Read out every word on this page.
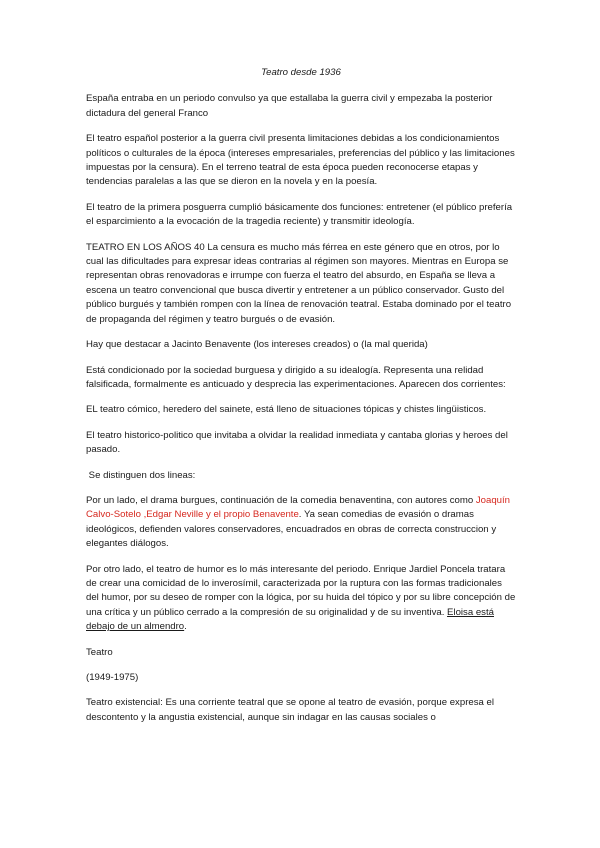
Teatro desde 1936

España entraba en un periodo convulso ya que estallaba la guerra civil y empezaba la posterior dictadura del general Franco

El teatro español posterior a la guerra civil presenta limitaciones debidas a los condicionamientos políticos o culturales de la época (intereses empresariales, preferencias del público y las limitaciones impuestas por la censura). En el terreno teatral de esta época pueden reconocerse etapas y tendencias paralelas a las que se dieron en la novela y en la poesía.

El teatro de la primera posguerra cumplió básicamente dos funciones: entretener (el público prefería el esparcimiento a la evocación de la tragedia reciente) y transmitir ideología.

TEATRO EN LOS AÑOS 40 La censura es mucho más férrea en este género que en otros, por lo cual las dificultades para expresar ideas contrarias al régimen son mayores. Mientras en Europa se representan obras renovadoras e irrumpe con fuerza el teatro del absurdo, en España se lleva a escena un teatro convencional que busca divertir y entretener a un público conservador. Gusto del público burgués y también rompen con la línea de renovación teatral. Estaba dominado por el teatro de propaganda del régimen y teatro burgués o de evasión.

Hay que destacar a Jacinto Benavente (los intereses creados) o (la mal querida)

Está condicionado por la sociedad burguesa y dirigido a su idealogía. Representa una relidad falsificada, formalmente es anticuado y desprecia las experimentaciones. Aparecen dos corrientes:

EL teatro cómico, heredero del sainete, está lleno de situaciones tópicas y chistes lingüisticos.

El teatro historico-politico que invitaba a olvidar la realidad inmediata y cantaba glorias y heroes del pasado.

Se distinguen dos lineas:

Por un lado, el drama burgues, continuación de la comedia benaventina, con autores como Joaquín Calvo-Sotelo ,Edgar Neville y el propio Benavente. Ya sean comedias de evasión o dramas ideológicos, defienden valores conservadores, encuadrados en obras de correcta construccion y elegantes diálogos.

Por otro lado, el teatro de humor es lo más interesante del periodo. Enrique Jardiel Poncela tratara de crear una comicidad de lo inverosímil, caracterizada por la ruptura con las formas tradicionales del humor, por su deseo de romper con la lógica, por su huida del tópico y por su libre concepción de una crítica y un público cerrado a la compresión de su originalidad y de su inventiva. Eloisa está debajo de un almendro.

Teatro

(1949-1975)

Teatro existencial: Es una corriente teatral que se opone al teatro de evasión, porque expresa el descontento y la angustia existencial, aunque sin indagar en las causas sociales o
